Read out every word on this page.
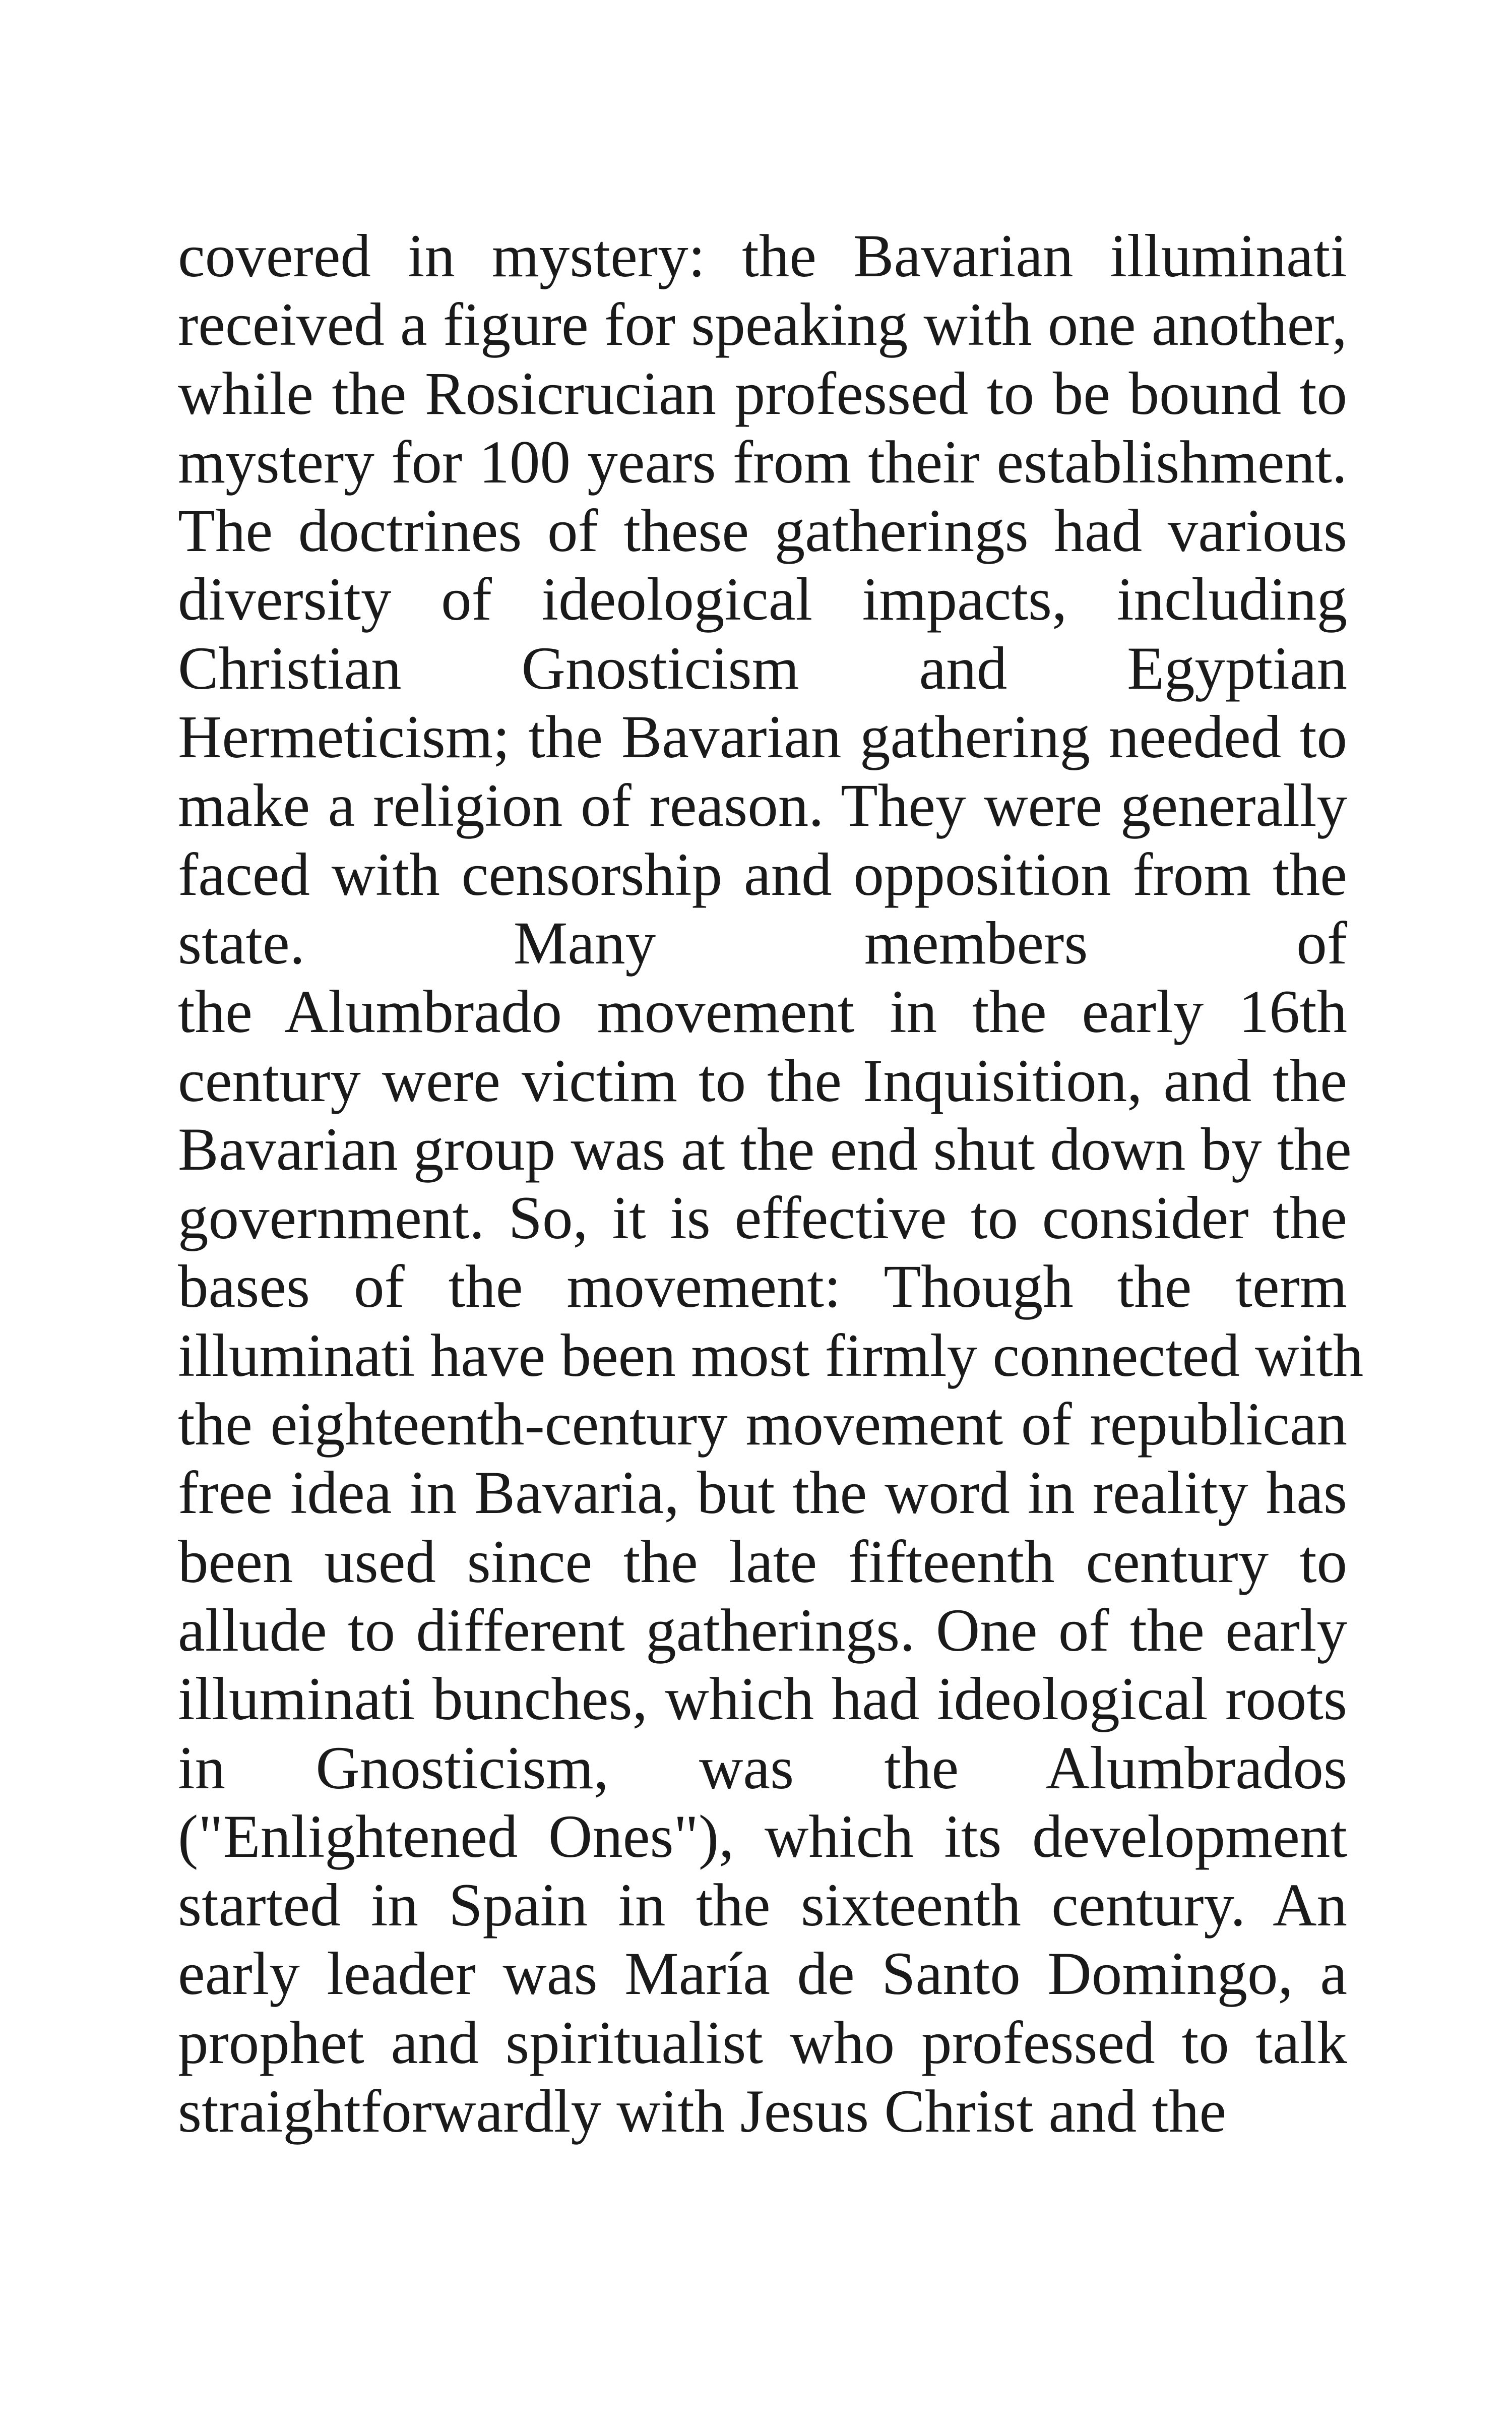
covered in mystery: the Bavarian illuminati
received a figure for speaking with one another,
while the Rosicrucian professed to be bound to
mystery for 100 years from their establishment.
The doctrines of these gatherings had various
diversity of ideological impacts, including
Christian Gnosticism and Egyptian
Hermeticism; the Bavarian gathering needed to
make a religion of reason. They were generally
faced with censorship and opposition from the
state. Many members of
the Alumbrado movement in the early 16th
century were victim to the Inquisition, and the
Bavarian group was at the end shut down by the
government. So, it is effective to consider the
bases of the movement: Though the term
illuminati have been most firmly connected with
the eighteenth-century movement of republican
free idea in Bavaria, but the word in reality has
been used since the late fifteenth century to
allude to different gatherings. One of the early
illuminati bunches, which had ideological roots
in Gnosticism, was the Alumbrados
("Enlightened Ones"), which its development
started in Spain in the sixteenth century. An
early leader was María de Santo Domingo, a
prophet and spiritualist who professed to talk
straightforwardly with Jesus Christ and the
